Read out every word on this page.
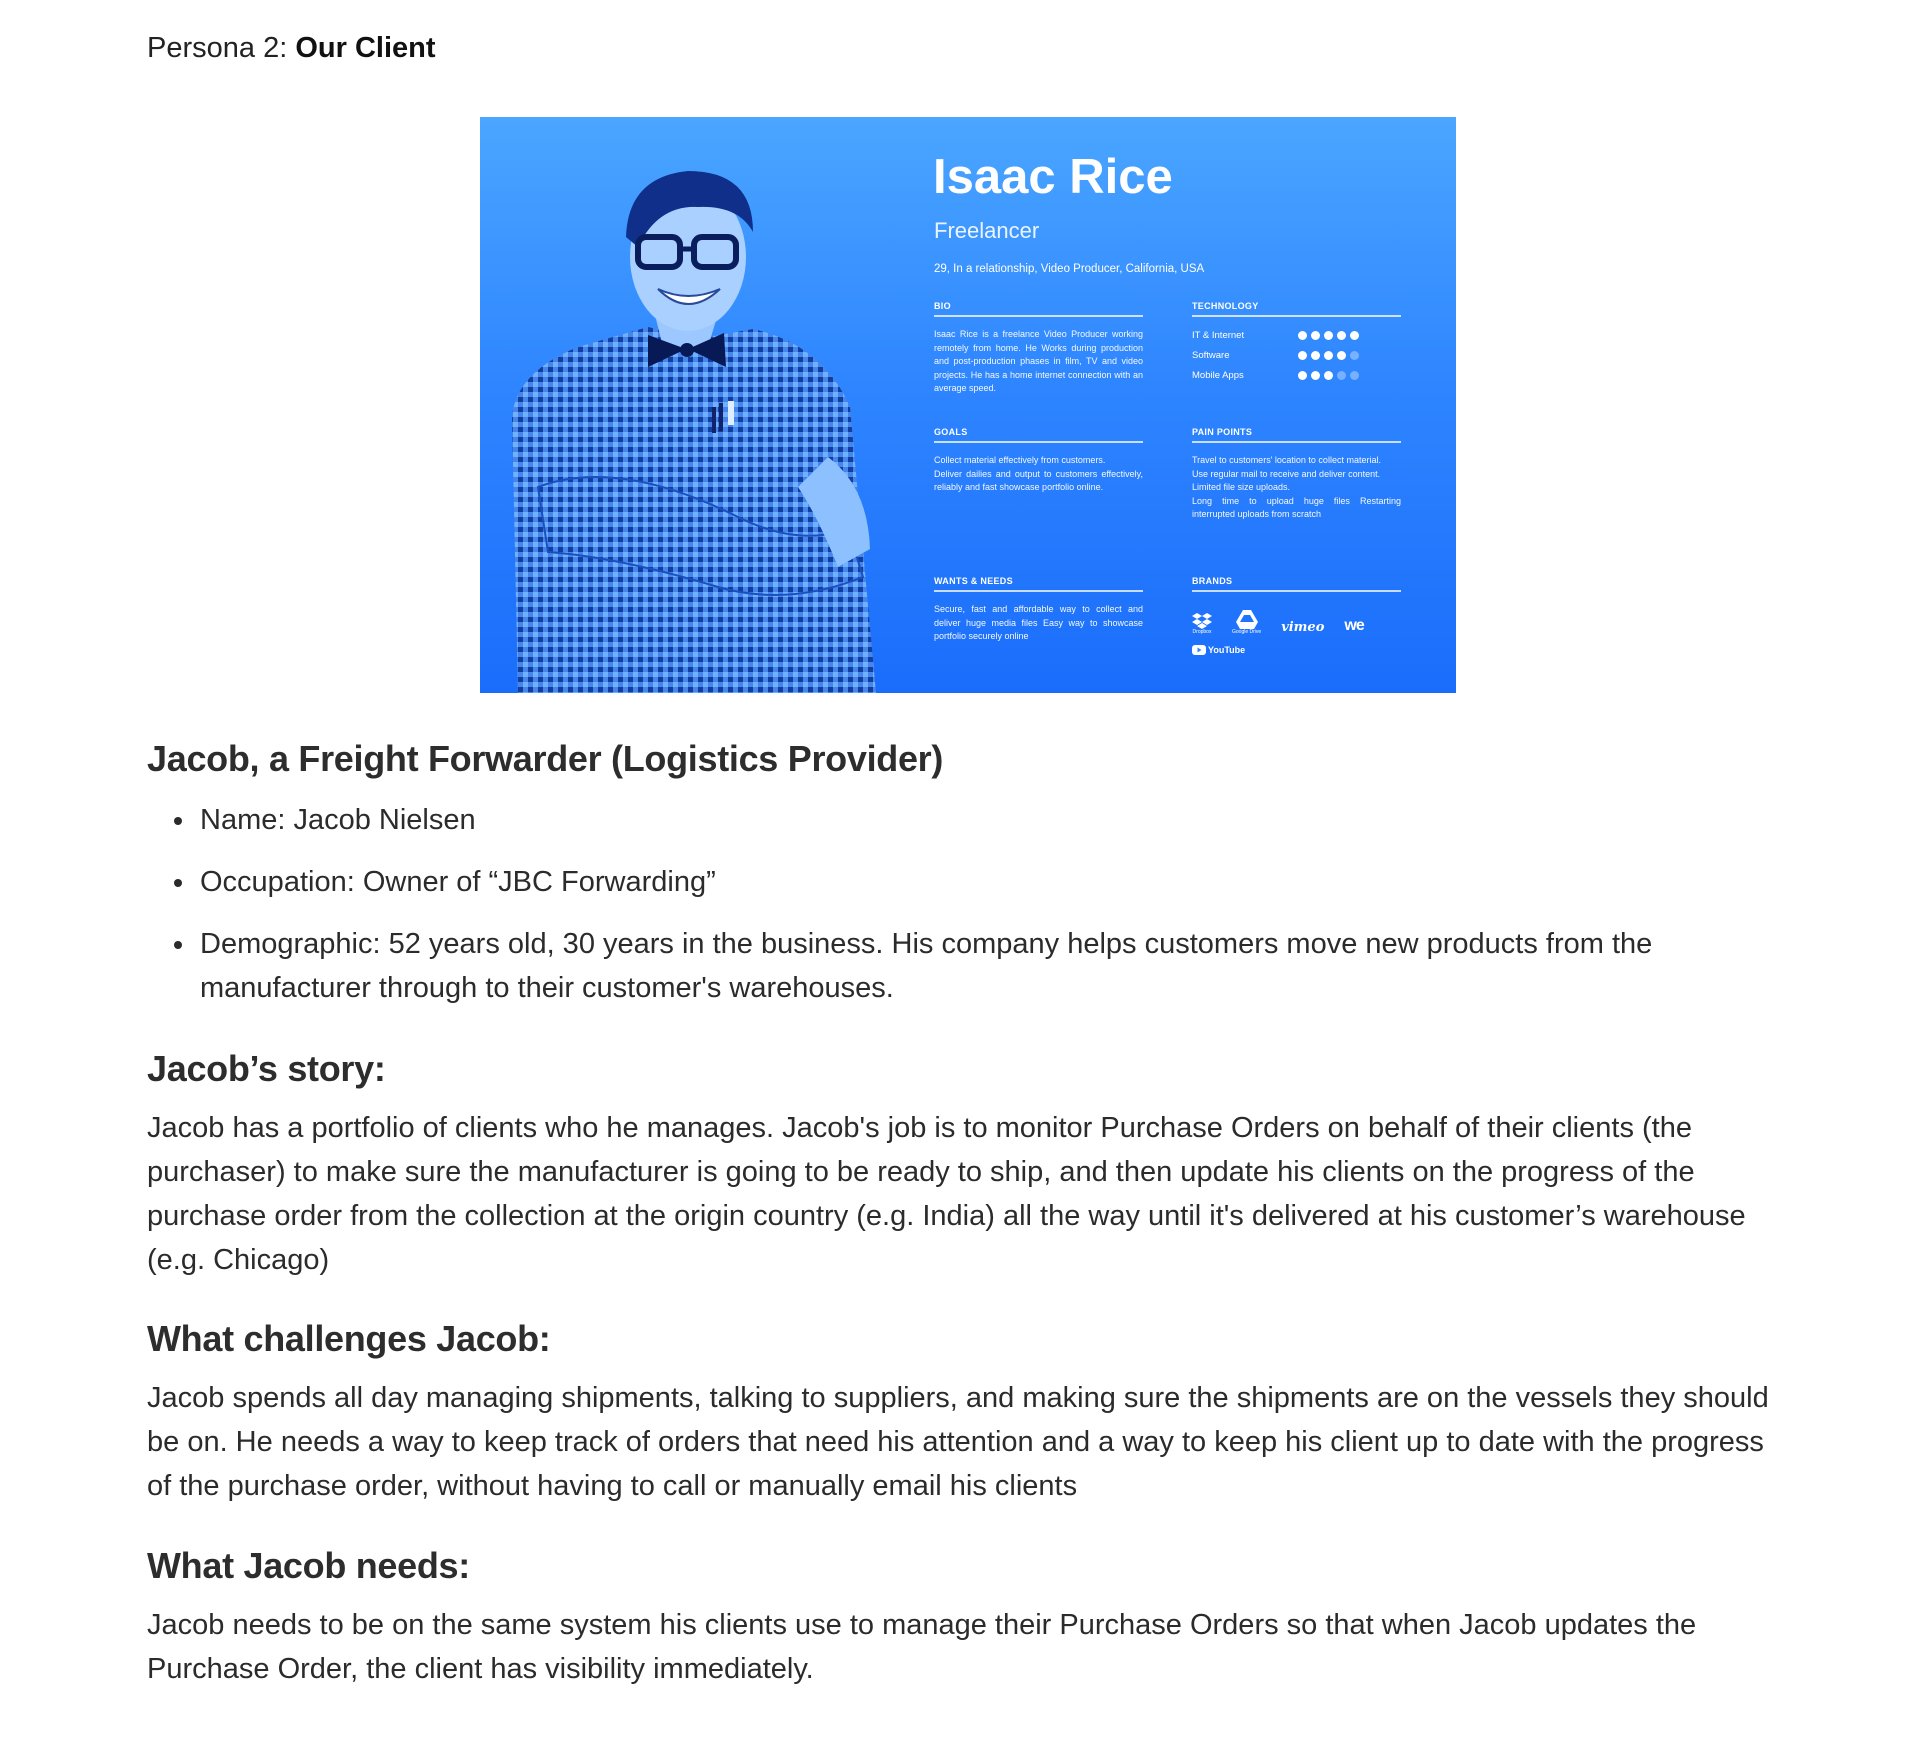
Persona 2: Our Client
Isaac Rice
Freelancer
29, In a relationship, Video Producer, California, USA
BIO
Isaac Rice is a freelance Video Producer working remotely from home. He Works during production and post-production phases in film, TV and video projects. He has a home internet connection with an average speed.
TECHNOLOGY
IT & Internet
Software
Mobile Apps
GOALS

Collect material effectively from customers.

Deliver dailies and output to customers effectively, reliably and fast showcase portfolio online.

PAIN POINTS

Travel to customers' location to collect material.

Use regular mail to receive and deliver content.

Limited file size uploads.

Long time to upload huge files Restarting interrupted uploads from scratch

WANTS & NEEDS
Secure, fast and affordable way to collect and deliver huge media files Easy way to showcase portfolio securely online
BRANDS
Dropbox	Google Drive vimeo we
YouTube
Jacob, a Freight Forwarder (Logistics Provider)
Name: Jacob Nielsen
Occupation: Owner of “JBC Forwarding”
Demographic: 52 years old, 30 years in the business. His company helps customers move new products from the manufacturer through to their customer's warehouses.
Jacob’s story:

Jacob has a portfolio of clients who he manages. Jacob's job is to monitor Purchase Orders on behalf of their clients (the purchaser) to make sure the manufacturer is going to be ready to ship, and then update his clients on the progress of the purchase order from the collection at the origin country (e.g. India) all the way until it's delivered at his customer’s warehouse (e.g. Chicago)

What challenges Jacob:

Jacob spends all day managing shipments, talking to suppliers, and making sure the shipments are on the vessels they should be on. He needs a way to keep track of orders that need his attention and a way to keep his client up to date with the progress of the purchase order, without having to call or manually email his clients

What Jacob needs:

Jacob needs to be on the same system his clients use to manage their Purchase Orders so that when Jacob updates the Purchase Order, the client has visibility immediately.
